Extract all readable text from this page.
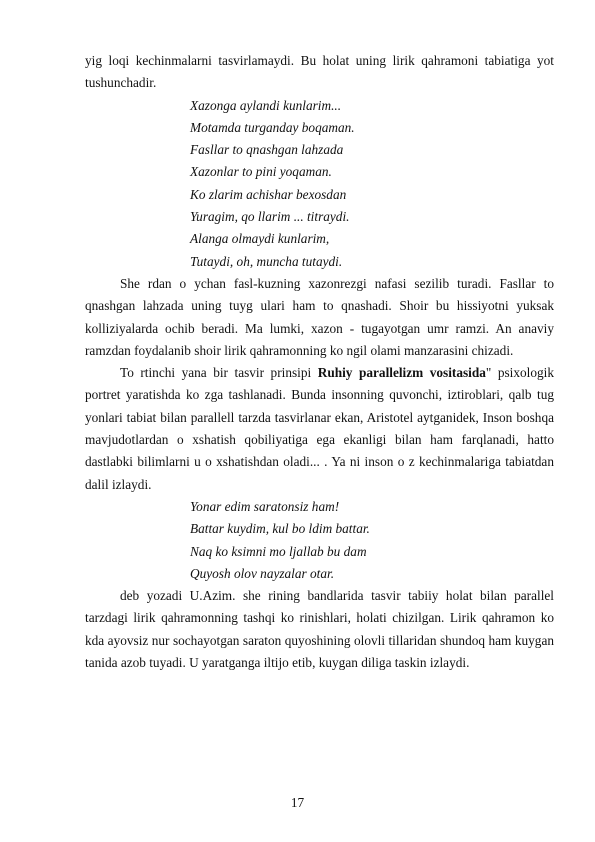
yig loqi kechinmalarni tasvirlamaydi. Bu holat uning lirik qahramoni tabiatiga yot tushunchadir.

Xazonga aylandi kunlarim...
Motamda turganday boqaman.
Fasllar to qnashgan lahzada
Xazonlar to pini yoqaman.
Ko zlarim achishar bexosdan
Yuragim, qo llarim ... titraydi.
Alanga olmaydi kunlarim,
Tutaydi, oh, muncha tutaydi.

She rdan o ychan fasl-kuzning xazonrezgi nafasi sezilib turadi. Fasllar to qnashgan lahzada uning tuyg ulari ham to qnashadi. Shoir bu hissiyotni yuksak kolliziyalarda ochib beradi. Ma lumki, xazon - tugayotgan umr ramzi. An anaviy ramzdan foydalanib shoir lirik qahramonning ko ngil olami manzarasini chizadi.

To rtinchi yana bir tasvir prinsipi Ruhiy parallelizm vositasida" psixologik portret yaratishda ko zga tashlanadi. Bunda insonning quvonchi, iztiroblari, qalb tug yonlari tabiat bilan parallell tarzda tasvirlanar ekan, Aristotel aytganidek, Inson boshqa mavjudotlardan o xshatish qobiliyatiga ega ekanligi bilan ham farqlanadi, hatto dastlabki bilimlarni u o xshatishdan oladi... . Ya ni inson o z kechinmalariga tabiatdan dalil izlaydi.

Yonar edim saratonsiz ham!
Battar kuydim, kul bo ldim battar.
Naq ko ksimni mo ljallab bu dam
Quyosh olov nayzalar otar.

deb yozadi U.Azim. she rining bandlarida tasvir tabiiy holat bilan parallel tarzdagi lirik qahramonning tashqi ko rinishlari, holati chizilgan. Lirik qahramon ko kda ayovsiz nur sochayotgan saraton quyoshining olovli tillaridan shundoq ham kuygan tanida azob tuyadi. U yaratganga iltijo etib, kuygan diliga taskin izlaydi.

17
